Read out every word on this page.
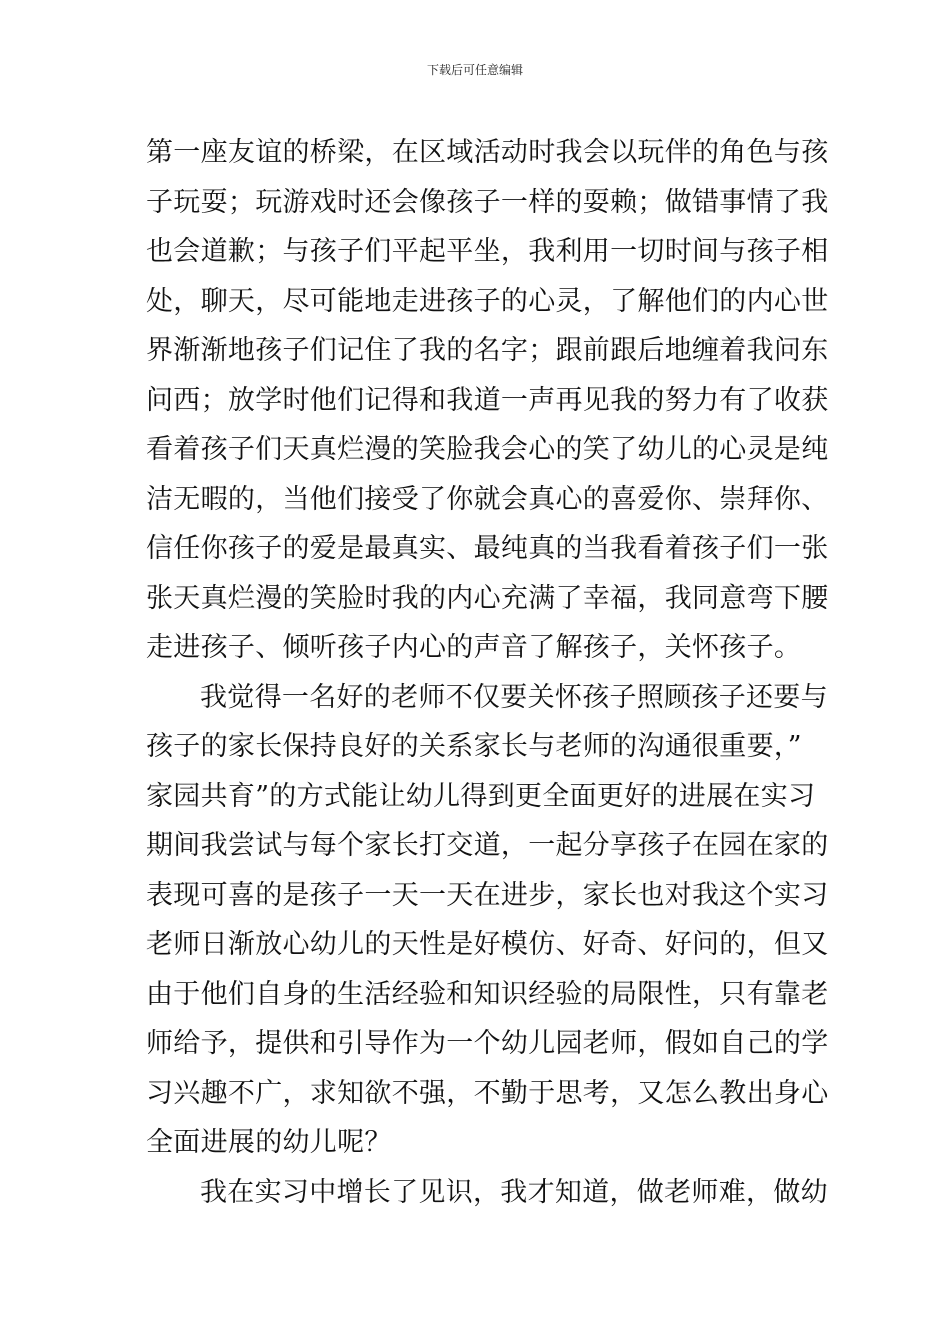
下载后可任意编辑
第一座友谊的桥梁，在区域活动时我会以玩伴的角色与孩
子玩耍；玩游戏时还会像孩子一样的耍赖；做错事情了我
也会道歉；与孩子们平起平坐，我利用一切时间与孩子相
处，聊天，尽可能地走进孩子的心灵，了解他们的内心世
界渐渐地孩子们记住了我的名字；跟前跟后地缠着我问东
问西；放学时他们记得和我道一声再见我的努力有了收获
看着孩子们天真烂漫的笑脸我会心的笑了幼儿的心灵是纯
洁无暇的，当他们接受了你就会真心的喜爱你、崇拜你、
信任你孩子的爱是最真实、最纯真的当我看着孩子们一张
张天真烂漫的笑脸时我的内心充满了幸福，我同意弯下腰
走进孩子、倾听孩子内心的声音了解孩子，关怀孩子。
我觉得一名好的老师不仅要关怀孩子照顾孩子还要与
孩子的家长保持良好的关系家长与老师的沟通很重要，”
家园共育”的方式能让幼儿得到更全面更好的进展在实习
期间我尝试与每个家长打交道，一起分享孩子在园在家的
表现可喜的是孩子一天一天在进步，家长也对我这个实习
老师日渐放心幼儿的天性是好模仿、好奇、好问的，但又
由于他们自身的生活经验和知识经验的局限性，只有靠老
师给予，提供和引导作为一个幼儿园老师，假如自己的学
习兴趣不广，求知欲不强，不勤于思考，又怎么教出身心
全面进展的幼儿呢？
我在实习中增长了见识，我才知道，做老师难，做幼
